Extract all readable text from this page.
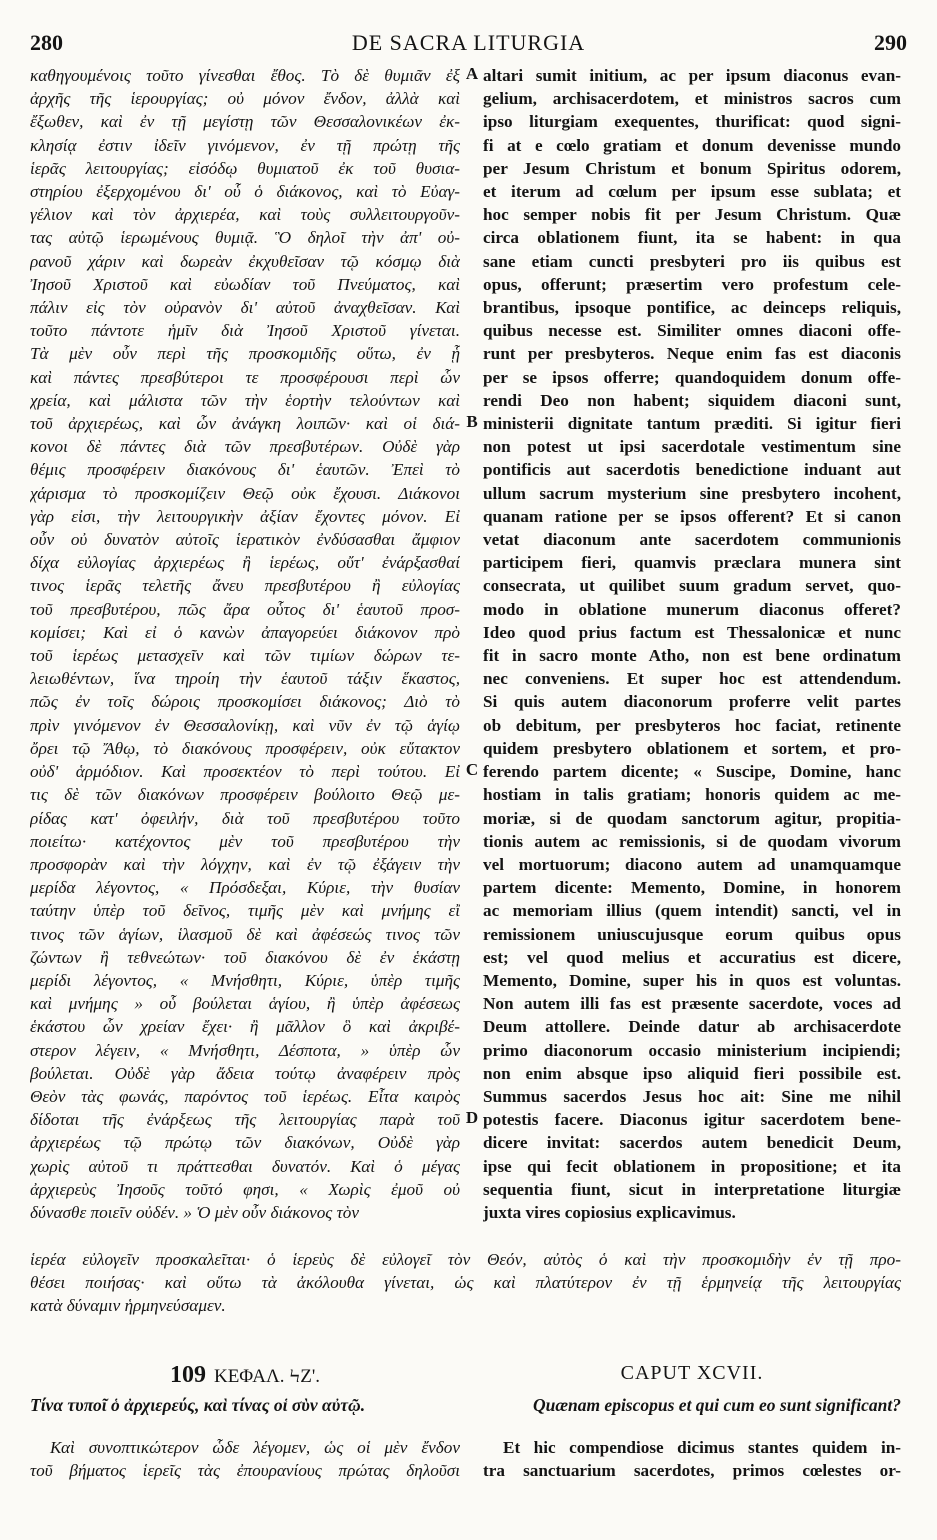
280	DE SACRA LITURGIA	290
καθηγουμένοις τοῦτο γίνεσθαι ἔθος. Τὸ δὲ θυμιᾶν ἐξ
ἀρχῆς τῆς ἱερουργίας; οὐ μόνον ἔνδον, ἀλλὰ καὶ
ἔξωθεν, καὶ ἐν τῇ μεγίστῃ τῶν Θεσσαλονικέων ἐκ-
κλησίᾳ ἐστιν ἰδεῖν γινόμενον, ἐν τῇ πρώτῃ τῆς
ἱερᾶς λειτουργίας; εἰσόδῳ θυμιατοῦ ἐκ τοῦ θυσια-
στηρίου ἐξερχομένου δι' οὗ ὁ διάκονος, καὶ τὸ Εὐαγ-
γέλιον καὶ τὸν ἀρχιερέα, καὶ τοὺς συλλειτουργοῦν-
τας αὐτῷ ἱερωμένους θυμιᾷ. Ὃ δηλοῖ τὴν ἀπ' οὐ-
ρανοῦ χάριν καὶ δωρεὰν ἐκχυθεῖσαν τῷ κόσμῳ διὰ
Ἰησοῦ Χριστοῦ καὶ εὐωδίαν τοῦ Πνεύματος, καὶ
πάλιν εἰς τὸν οὐρανὸν δι' αὐτοῦ ἀναχθεῖσαν. Καὶ
τοῦτο πάντοτε ἡμῖν διὰ Ἰησοῦ Χριστοῦ γίνεται.
Τὰ μὲν οὖν περὶ τῆς προσκομιδῆς οὕτω, ἐν ᾗ
καὶ πάντες πρεσβύτεροι τε προσφέρουσι περὶ ὧν
χρεία, καὶ μάλιστα τῶν τὴν ἑορτὴν τελούντων καὶ
τοῦ ἀρχιερέως, καὶ ὧν ἀνάγκη λοιπῶν· καὶ οἱ διά-
κονοι δὲ πάντες διὰ τῶν πρεσβυτέρων. Οὐδὲ γὰρ
θέμις προσφέρειν διακόνους δι' ἑαυτῶν. Ἐπεὶ τὸ
χάρισμα τὸ προσκομίζειν Θεῷ οὐκ ἔχουσι. Διάκονοι
γὰρ εἰσι, τὴν λειτουργικὴν ἀξίαν ἔχοντες μόνον. Εἰ
οὖν οὐ δυνατὸν αὐτοῖς ἱερατικὸν ἐνδύσασθαι ἄμφιον
δίχα εὐλογίας ἀρχιερέως ἢ ἱερέως, οὔτ' ἐνάρξασθαί
τινος ἱερᾶς τελετῆς ἄνευ πρεσβυτέρου ἢ εὐλογίας
τοῦ πρεσβυτέρου, πῶς ἄρα οὗτος δι' ἑαυτοῦ προσ-
κομίσει; Καὶ εἰ ὁ κανὼν ἀπαγορεύει διάκονον πρὸ
τοῦ ἱερέως μετασχεῖν καὶ τῶν τιμίων δώρων τε-
λειωθέντων, ἵνα τηροίη τὴν ἑαυτοῦ τάξιν ἕκαστος,
πῶς ἐν τοῖς δώροις προσκομίσει διάκονος; Διὸ τὸ
πρὶν γινόμενον ἐν Θεσσαλονίκῃ, καὶ νῦν ἐν τῷ ἁγίῳ
ὄρει τῷ Ἄθῳ, τὸ διακόνους προσφέρειν, οὐκ εὔτακτον
οὐδ' ἁρμόδιον. Καὶ προσεκτέον τὸ περὶ τούτου. Εἰ
τις δὲ τῶν διακόνων προσφέρειν βούλοιτο Θεῷ με-
ρίδας κατ' ὀφειλήν, διὰ τοῦ πρεσβυτέρου τοῦτο
ποιείτω· κατέχοντος μὲν τοῦ πρεσβυτέρου τὴν
προσφορὰν καὶ τὴν λόγχην, καὶ ἐν τῷ ἐξάγειν τὴν
μερίδα λέγοντος, « Πρόσδεξαι, Κύριε, τὴν θυσίαν
ταύτην ὑπὲρ τοῦ δεῖνος, τιμῆς μὲν καὶ μνήμης εἴ
τινος τῶν ἁγίων, ἱλασμοῦ δὲ καὶ ἀφέσεώς τινος τῶν
ζώντων ἢ τεθνεώτων· τοῦ διακόνου δὲ ἐν ἑκάστῃ
μερίδι λέγοντος, « Μνήσθητι, Κύριε, ὑπὲρ τιμῆς
καὶ μνήμης » οὗ βούλεται ἁγίου, ἢ ὑπὲρ ἀφέσεως
ἑκάστου ὧν χρείαν ἔχει· ἢ μᾶλλον ὃ καὶ ἀκριβέ-
στερον λέγειν, « Μνήσθητι, Δέσποτα, » ὑπὲρ ὧν
βούλεται. Οὐδὲ γὰρ ἄδεια τούτῳ ἀναφέρειν πρὸς
Θεὸν τὰς φωνάς, παρόντος τοῦ ἱερέως. Εἶτα καιρὸς
δίδοται τῆς ἐνάρξεως τῆς λειτουργίας παρὰ τοῦ
ἀρχιερέως τῷ πρώτῳ τῶν διακόνων, Οὐδὲ γὰρ
χωρὶς αὐτοῦ τι πράττεσθαι δυνατόν. Καὶ ὁ μέγας
ἀρχιερεὺς Ἰησοῦς τοῦτό φησι, « Χωρὶς ἐμοῦ οὐ
δύνασθε ποιεῖν οὐδέν. » Ὁ μὲν οὖν διάκονος τὸν
altari sumit initium, ac per ipsum diaconus evan-
gelium, archisacerdotem, et ministros sacros cum
ipso liturgiam exequentes, thurificat: quod signi-
fi at e cœlo gratiam et donum devenisse mundo
per Jesum Christum et bonum Spiritus odorem,
et iterum ad cœlum per ipsum esse sublata; et
hoc semper nobis fit per Jesum Christum. Quæ
circa oblationem fiunt, ita se habent: in qua
sane etiam cuncti presbyteri pro iis quibus est
opus, offerunt; præsertim vero profestum cele-
brantibus, ipsoque pontifice, ac deinceps reliquis,
quibus necesse est. Similiter omnes diaconi offe-
runt per presbyteros. Neque enim fas est diaconis
per se ipsos offerre; quandoquidem donum offe-
rendi Deo non habent; siquidem diaconi sunt,
ministerii dignitate tantum præditi. Si igitur fieri
non potest ut ipsi sacerdotale vestimentum sine
pontificis aut sacerdotis benedictione induant aut
ullum sacrum mysterium sine presbytero incohent,
quanam ratione per se ipsos offerent? Et si canon
vetat diaconum ante sacerdotem communionis
participem fieri, quamvis præclara munera sint
consecrata, ut quilibet suum gradum servet, quo-
modo in oblatione munerum diaconus offeret?
Ideo quod prius factum est Thessalonicæ et nunc
fit in sacro monte Atho, non est bene ordinatum
nec conveniens. Et super hoc est attendendum.
Si quis autem diaconorum proferre velit partes
ob debitum, per presbyteros hoc faciat, retinente
quidem presbytero oblationem et sortem, et pro-
ferendo partem dicente; « Suscipe, Domine, hanc
hostiam in talis gratiam; honoris quidem ac me-
moriæ, si de quodam sanctorum agitur, propitia-
tionis autem ac remissionis, si de quodam vivorum
vel mortuorum; diacono autem ad unamquamque
partem dicente: Memento, Domine, in honorem
ac memoriam illius (quem intendit) sancti, vel in
remissionem uniuscujusque eorum quibus opus
est; vel quod melius et accuratius est dicere,
Memento, Domine, super his in quos est voluntas.
Non autem illi fas est præsente sacerdote, voces ad
Deum attollere. Deinde datur ab archisacerdote
primo diaconorum occasio ministerium incipiendi;
non enim absque ipso aliquid fieri possibile est.
Summus sacerdos Jesus hoc ait: Sine me nihil
potestis facere. Diaconus igitur sacerdotem bene-
dicere invitat: sacerdos autem benedicit Deum,
ipse qui fecit oblationem in propositione; et ita
sequentia fiunt, sicut in interpretatione liturgiæ
juxta vires copiosius explicavimus.
A
B
C
D
ἱερέα εὐλογεῖν προσκαλεῖται· ὁ ἱερεὺς δὲ εὐλογεῖ τὸν Θεόν, αὐτὸς ὁ καὶ τὴν προσκομιδὴν ἐν τῇ προ-
θέσει ποιήσας· καὶ οὕτω τὰ ἀκόλουθα γίνεται, ὡς καὶ πλατύτερον ἐν τῇ ἑρμηνείᾳ τῆς λειτουργίας
κατὰ δύναμιν ἡρμηνεύσαμεν.
109 ΚΕΦΑΛ. ϞΖ'.	CAPUT XCVII.
Τίνα τυποῖ ὁ ἀρχιερεύς, καὶ τίνας οἱ σὺν αὐτῷ.	Quænam episcopus et qui cum eo sunt significant?
Καὶ συνοπτικώτερον ὧδε λέγομεν, ὡς οἱ μὲν ἔνδον
τοῦ βήματος ἱερεῖς τὰς ἐπουρανίους πρώτας δηλοῦσι
Et hic compendiose dicimus stantes quidem in-
tra sanctuarium sacerdotes, primos cœlestes or-
